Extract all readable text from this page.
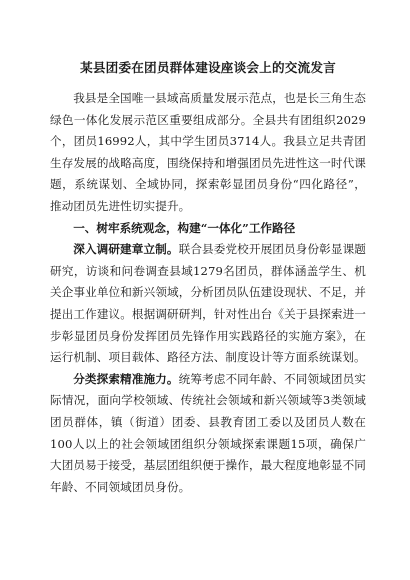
某县团委在团员群体建设座谈会上的交流发言

我县是全国唯一县域高质量发展示范点，也是长三角生态绿色一体化发展示范区重要组成部分。全县共有团组织2029个，团员16992人，其中学生团员3714人。我县立足共青团生存发展的战略高度，围绕保持和增强团员先进性这一时代课题，系统谋划、全域协同，探索彰显团员身份“四化路径”，推动团员先进性切实提升。

一、树牢系统观念，构建“一体化”工作路径

深入调研建章立制。联合县委党校开展团员身份彰显课题研究，访谈和问卷调查县域1279名团员，群体涵盖学生、机关企事业单位和新兴领域，分析团员队伍建设现状、不足，并提出工作建议。根据调研研判，针对性出台《关于县探索进一步彰显团员身份发挥团员先锋作用实践路径的实施方案》，在运行机制、项目载体、路径方法、制度设计等方面系统谋划。

分类探索精准施力。统筹考虑不同年龄、不同领域团员实际情况，面向学校领域、传统社会领域和新兴领域等3类领域团员群体，镇（街道）团委、县教育团工委以及团员人数在100人以上的社会领域团组织分领域探索课题15项，确保广大团员易于接受，基层团组织便于操作，最大程度地彰显不同年龄、不同领域团员身份。
